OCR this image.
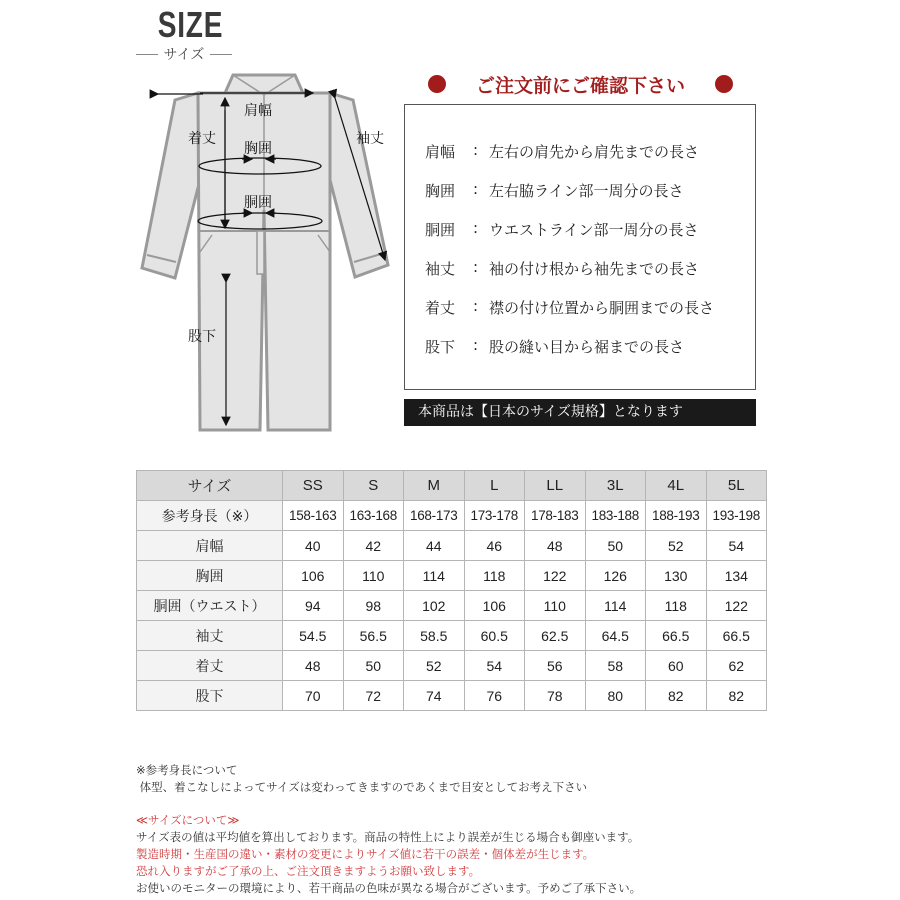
SIZE
サイズ
肩幅
着丈
胸囲
胴囲
袖丈
股下
ご注文前にご確認下さい
肩幅	: 左右の肩先から肩先までの長さ
胸囲	: 左右脇ライン部一周分の長さ
胴囲	: ウエストライン部一周分の長さ
袖丈	: 袖の付け根から袖先までの長さ
着丈	: 襟の付け位置から胴囲までの長さ
股下	: 股の縫い目から裾までの長さ
本商品は【日本のサイズ規格】となります
サイズ	SS	S	M	L	LL	3L	4L	5L
参考身長（※）	158-163	163-168	168-173	173-178	178-183	183-188	188-193	193-198
肩幅	40	42	44	46	48	50	52	54
胸囲	106	110	114	118	122	126	130	134
胴囲（ウエスト）	94	98	102	106	110	114	118	122
袖丈	54.5	56.5	58.5	60.5	62.5	64.5	66.5	66.5
着丈	48	50	52	54	56	58	60	62
股下	70	72	74	76	78	80	82	82
※参考身長について
体型、着こなしによってサイズは変わってきますのであくまで目安としてお考え下さい
≪サイズについて≫
サイズ表の値は平均値を算出しております。商品の特性上により誤差が生じる場合も御座います。
製造時期・生産国の違い・素材の変更によりサイズ値に若干の誤差・個体差が生じます。
恐れ入りますがご了承の上、ご注文頂きますようお願い致します。
お使いのモニターの環境により、若干商品の色味が異なる場合がございます。予めご了承下さい。
